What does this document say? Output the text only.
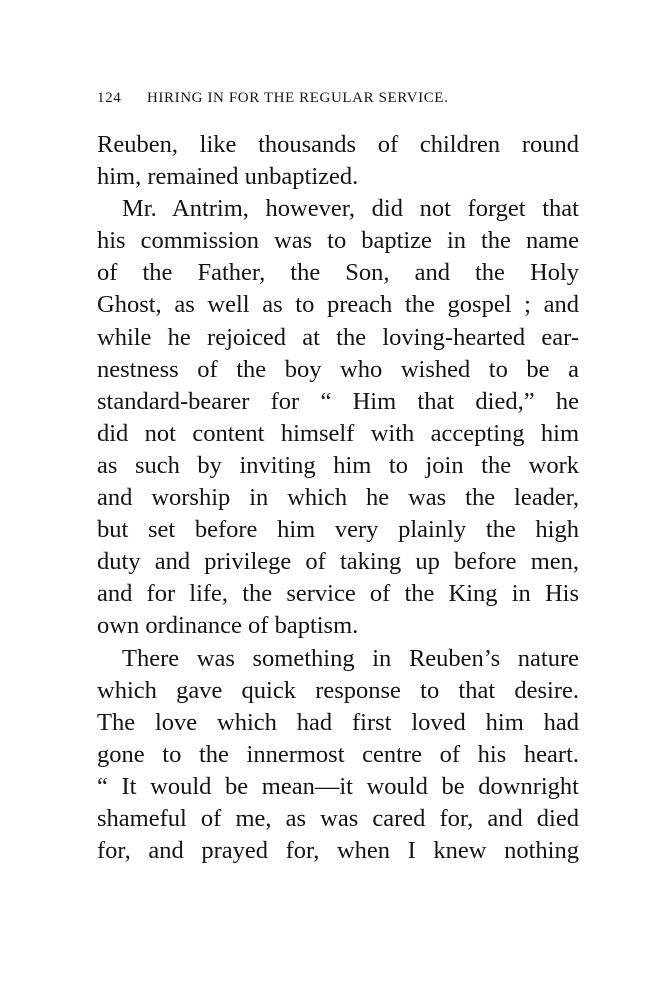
124 HIRING IN FOR THE REGULAR SERVICE.
Reuben, like thousands of children round
him, remained unbaptized.
Mr. Antrim, however, did not forget that
his commission was to baptize in the name
of the Father, the Son, and the Holy
Ghost, as well as to preach the gospel ; and
while he rejoiced at the loving-hearted ear-
nestness of the boy who wished to be a
standard-bearer for “ Him that died,” he
did not content himself with accepting him
as such by inviting him to join the work
and worship in which he was the leader,
but set before him very plainly the high
duty and privilege of taking up before men,
and for life, the service of the King in His
own ordinance of baptism.
There was something in Reuben’s nature
which gave quick response to that desire.
The love which had first loved him had
gone to the innermost centre of his heart.
“ It would be mean—it would be downright
shameful of me, as was cared for, and died
for, and prayed for, when I knew nothing
